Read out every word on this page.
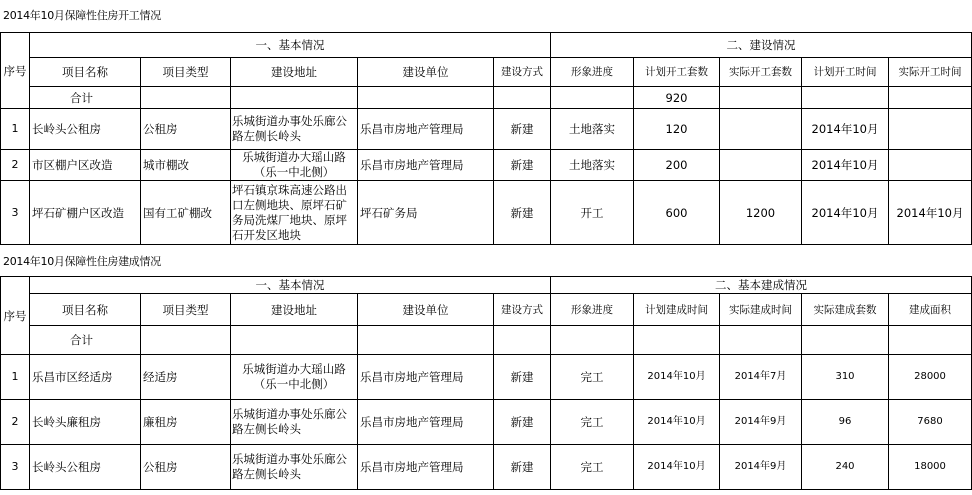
2014年10月保障性住房开工情况
序号	一、基本情况					二、建设情况				
	项目名称	项目类型	建设地址	建设单位	建设方式	形象进度	计划开工套数	实际开工套数	计划开工时间	实际开工时间
	合计						920			
1	长岭头公租房	公租房	乐城街道办事处乐廊公路左侧长岭头	乐昌市房地产管理局	新建	土地落实	120		2014年10月	
2	市区棚户区改造	城市棚改	乐城街道办大瑶山路（乐一中北侧）	乐昌市房地产管理局	新建	土地落实	200		2014年10月	
3	坪石矿棚户区改造	国有工矿棚改	坪石镇京珠高速公路出口左侧地块、原坪石矿务局洗煤厂地块、原坪石开发区地块	坪石矿务局	新建	开工	600	1200	2014年10月	2014年10月
2014年10月保障性住房建成情况
序号	一、基本情况					二、基本建成情况				
	项目名称	项目类型	建设地址	建设单位	建设方式	形象进度	计划建成时间	实际建成时间	实际建成套数	建成面积
	合计									
1	乐昌市区经适房	经适房	乐城街道办大瑶山路（乐一中北侧）	乐昌市房地产管理局	新建	完工	2014年10月	2014年7月	310	28000
2	长岭头廉租房	廉租房	乐城街道办事处乐廊公路左侧长岭头	乐昌市房地产管理局	新建	完工	2014年10月	2014年9月	96	7680
3	长岭头公租房	公租房	乐城街道办事处乐廊公路左侧长岭头	乐昌市房地产管理局	新建	完工	2014年10月	2014年9月	240	18000
